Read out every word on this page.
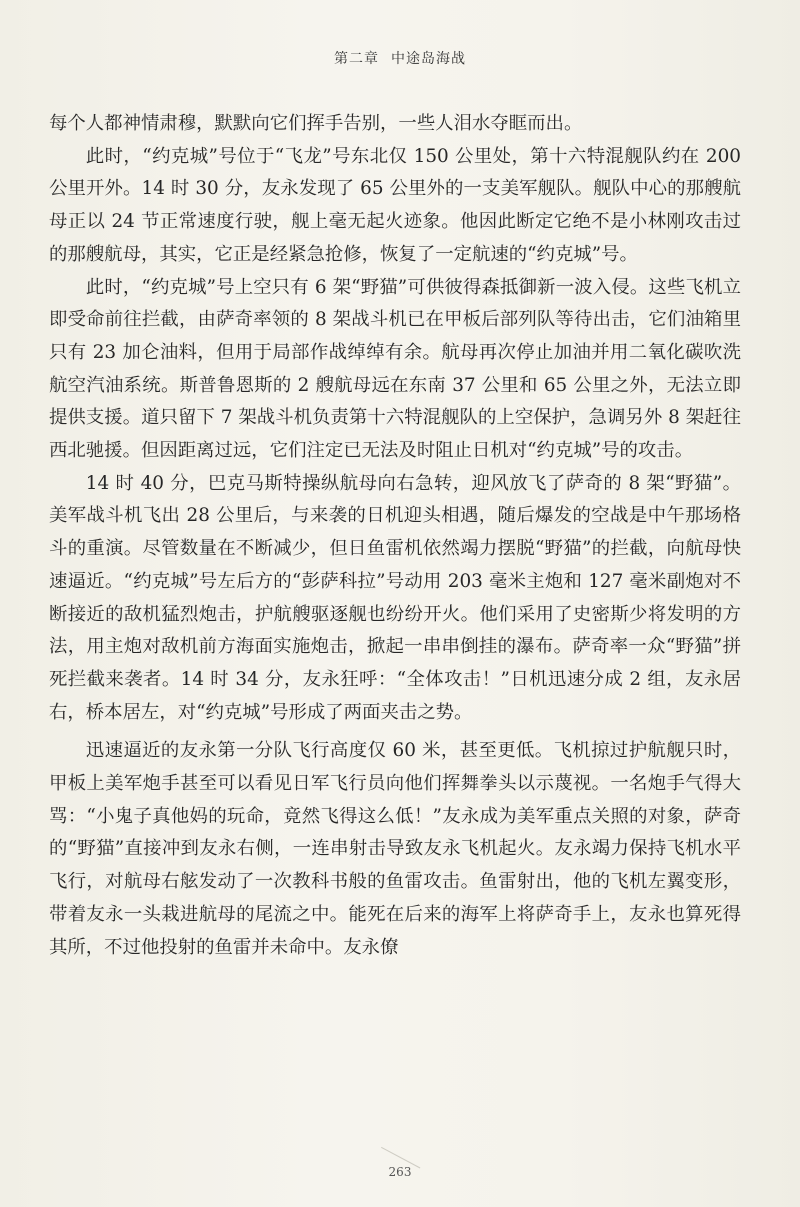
第二章 中途岛海战

每个人都神情肃穆，默默向它们挥手告别，一些人泪水夺眶而出。

此时，“约克城”号位于“飞龙”号东北仅 150 公里处，第十六特混舰队约在 200 公里开外。14 时 30 分，友永发现了 65 公里外的一支美军舰队。舰队中心的那艘航母正以 24 节正常速度行驶，舰上毫无起火迹象。他因此断定它绝不是小林刚攻击过的那艘航母，其实，它正是经紧急抢修，恢复了一定航速的“约克城”号。

此时，“约克城”号上空只有 6 架“野猫”可供彼得森抵御新一波入侵。这些飞机立即受命前往拦截，由萨奇率领的 8 架战斗机已在甲板后部列队等待出击，它们油箱里只有 23 加仑油料，但用于局部作战绰绰有余。航母再次停止加油并用二氧化碳吹洗航空汽油系统。斯普鲁恩斯的 2 艘航母远在东南 37 公里和 65 公里之外，无法立即提供支援。道只留下 7 架战斗机负责第十六特混舰队的上空保护，急调另外 8 架赶往西北驰援。但因距离过远，它们注定已无法及时阻止日机对“约克城”号的攻击。

14 时 40 分，巴克马斯特操纵航母向右急转，迎风放飞了萨奇的 8 架“野猫”。美军战斗机飞出 28 公里后，与来袭的日机迎头相遇，随后爆发的空战是中午那场格斗的重演。尽管数量在不断减少，但日鱼雷机依然竭力摆脱“野猫”的拦截，向航母快速逼近。“约克城”号左后方的“彭萨科拉”号动用 203 毫米主炮和 127 毫米副炮对不断接近的敌机猛烈炮击，护航艘驱逐舰也纷纷开火。他们采用了史密斯少将发明的方法，用主炮对敌机前方海面实施炮击，掀起一串串倒挂的瀑布。萨奇率一众“野猫”拼死拦截来袭者。14 时 34 分，友永狂呼：“全体攻击！”日机迅速分成 2 组，友永居右，桥本居左，对“约克城”号形成了两面夹击之势。

迅速逼近的友永第一分队飞行高度仅 60 米，甚至更低。飞机掠过护航舰只时，甲板上美军炮手甚至可以看见日军飞行员向他们挥舞拳头以示蔑视。一名炮手气得大骂：“小鬼子真他妈的玩命，竟然飞得这么低！”友永成为美军重点关照的对象，萨奇的“野猫”直接冲到友永右侧，一连串射击导致友永飞机起火。友永竭力保持飞机水平飞行，对航母右舷发动了一次教科书般的鱼雷攻击。鱼雷射出，他的飞机左翼变形，带着友永一头栽进航母的尾流之中。能死在后来的海军上将萨奇手上，友永也算死得其所，不过他投射的鱼雷并未命中。友永僚

263
